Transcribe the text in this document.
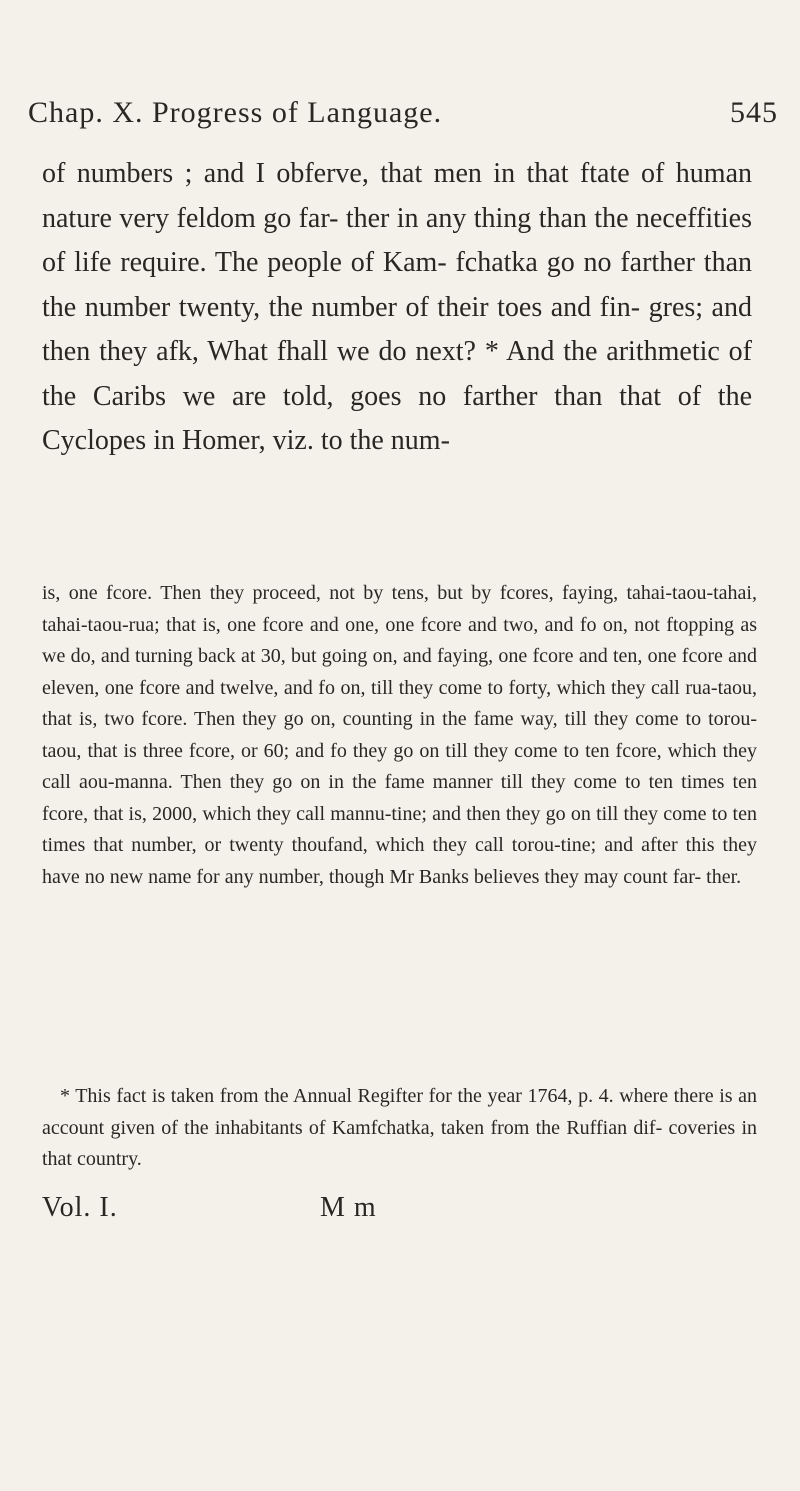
Chap. X. Progress of Language.	545

of numbers ; and I obferve, that men in that ftate of human nature very feldom go far- ther in any thing than the neceffities of life require. The people of Kam- fchatka go no farther than the number twenty, the number of their toes and fin- gres; and then they afk, What fhall we do next? * And the arithmetic of the Caribs we are told, goes no farther than that of the Cyclopes in Homer, viz. to the num-

is, one fcore. Then they proceed, not by tens, but by fcores, faying, tahai-taou-tahai, tahai-taou-rua; that is, one fcore and one, one fcore and two, and fo on, not ftopping as we do, and turning back at 30, but going on, and faying, one fcore and ten, one fcore and eleven, one fcore and twelve, and fo on, till they come to forty, which they call rua-taou, that is, two fcore. Then they go on, counting in the fame way, till they come to torou-taou, that is three fcore, or 60; and fo they go on till they come to ten fcore, which they call aou-manna. Then they go on in the fame manner till they come to ten times ten fcore, that is, 2000, which they call mannu-tine; and then they go on till they come to ten times that number, or twenty thoufand, which they call torou-tine; and after this they have no new name for any number, though Mr Banks believes they may count far- ther.

* This fact is taken from the Annual Regifter for the year 1764, p. 4. where there is an account given of the inhabitants of Kamfchatka, taken from the Ruffian dif- coveries in that country.

Vol. I.	M m
